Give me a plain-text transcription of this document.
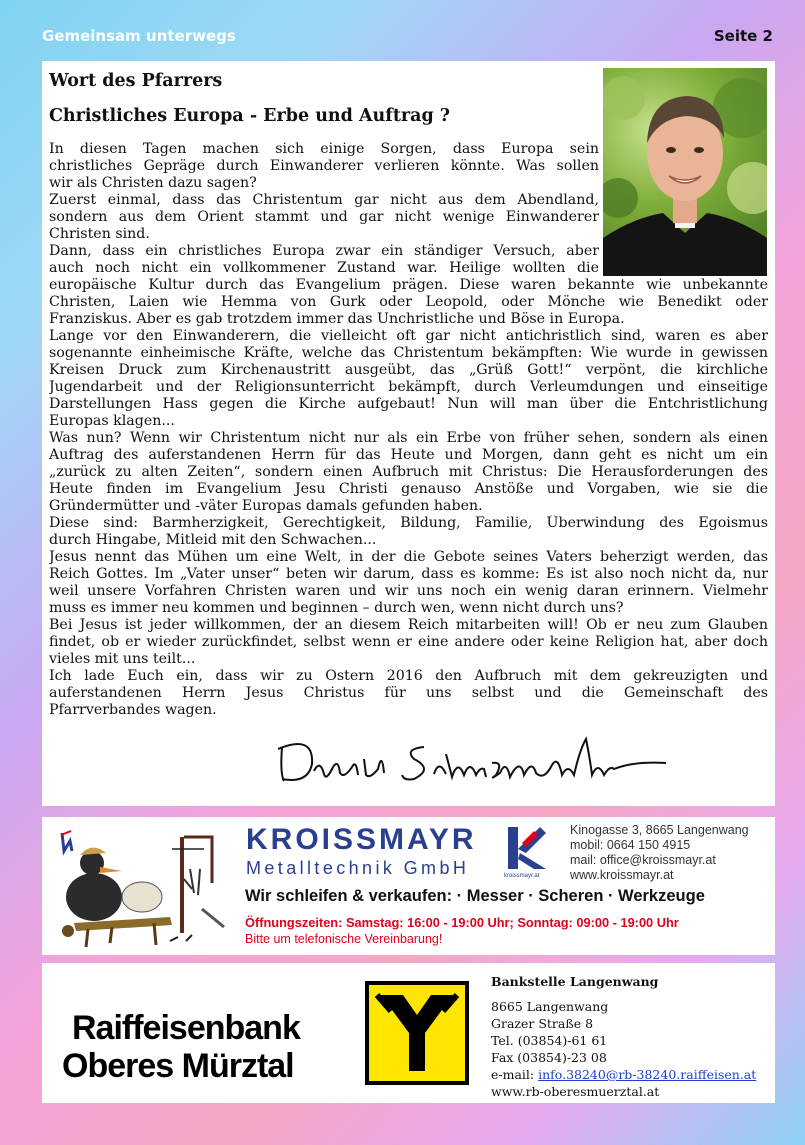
Gemeinsam unterwegs	Seite 2
Wort des Pfarrers
Christliches Europa - Erbe und Auftrag ?
In diesen Tagen machen sich einige Sorgen, dass Europa sein
christliches Gepräge durch Einwanderer verlieren könnte. Was sollen
wir als Christen dazu sagen?
Zuerst einmal, dass das Christentum gar nicht aus dem Abendland,
sondern aus dem Orient stammt und gar nicht wenige Einwanderer
Christen sind.
Dann, dass ein christliches Europa zwar ein ständiger Versuch, aber
auch noch nicht ein vollkommener Zustand war. Heilige wollten die
europäische Kultur durch das Evangelium prägen. Diese waren bekannte wie unbekannte
Christen, Laien wie Hemma von Gurk oder Leopold, oder Mönche wie Benedikt oder
Franziskus. Aber es gab trotzdem immer das Unchristliche und Böse in Europa.
Lange vor den Einwanderern, die vielleicht oft gar nicht antichristlich sind, waren es aber
sogenannte einheimische Kräfte, welche das Christentum bekämpften: Wie wurde in gewissen
Kreisen Druck zum Kirchenaustritt ausgeübt, das „Grüß Gott!“ verpönt, die kirchliche
Jugendarbeit und der Religionsunterricht bekämpft, durch Verleumdungen und einseitige
Darstellungen Hass gegen die Kirche aufgebaut! Nun will man über die Entchristlichung
Europas klagen...
Was nun? Wenn wir Christentum nicht nur als ein Erbe von früher sehen, sondern als einen
Auftrag des auferstandenen Herrn für das Heute und Morgen, dann geht es nicht um ein
„zurück zu alten Zeiten“, sondern einen Aufbruch mit Christus: Die Herausforderungen des
Heute finden im Evangelium Jesu Christi genauso Anstöße und Vorgaben, wie sie die
Gründermütter und -väter Europas damals gefunden haben.
Diese sind: Barmherzigkeit, Gerechtigkeit, Bildung, Familie, Überwindung des Egoismus
durch Hingabe, Mitleid mit den Schwachen...
Jesus nennt das Mühen um eine Welt, in der die Gebote seines Vaters beherzigt werden, das
Reich Gottes. Im „Vater unser“ beten wir darum, dass es komme: Es ist also noch nicht da, nur
weil unsere Vorfahren Christen waren und wir uns noch ein wenig daran erinnern. Vielmehr
muss es immer neu kommen und beginnen – durch wen, wenn nicht durch uns?
Bei Jesus ist jeder willkommen, der an diesem Reich mitarbeiten will! Ob er neu zum Glauben
findet, ob er wieder zurückfindet, selbst wenn er eine andere oder keine Religion hat, aber doch
vieles mit uns teilt...
Ich lade Euch ein, dass wir zu Ostern 2016 den Aufbruch mit dem gekreuzigten und
auferstandenen Herrn Jesus Christus für uns selbst und die Gemeinschaft des
Pfarrverbandes wagen.
KROISSMAYR
Metalltechnik GmbH	kroissmayr.at
Kinogasse 3, 8665 Langenwang
mobil: 0664 150 4915
mail: office@kroissmayr.at
www.kroissmayr.at
Wir schleifen & verkaufen: · Messer · Scheren · Werkzeuge
Öffnungszeiten: Samstag: 16:00 - 19:00 Uhr; Sonntag: 09:00 - 19:00 Uhr
Bitte um telefonische Vereinbarung!
Raiffeisenbank
Oberes Mürztal
Bankstelle Langenwang
8665 Langenwang
Grazer Straße 8
Tel. (03854)-61 61
Fax (03854)-23 08
e-mail: info.38240@rb-38240.raiffeisen.at
www.rb-oberesmuerztal.at
